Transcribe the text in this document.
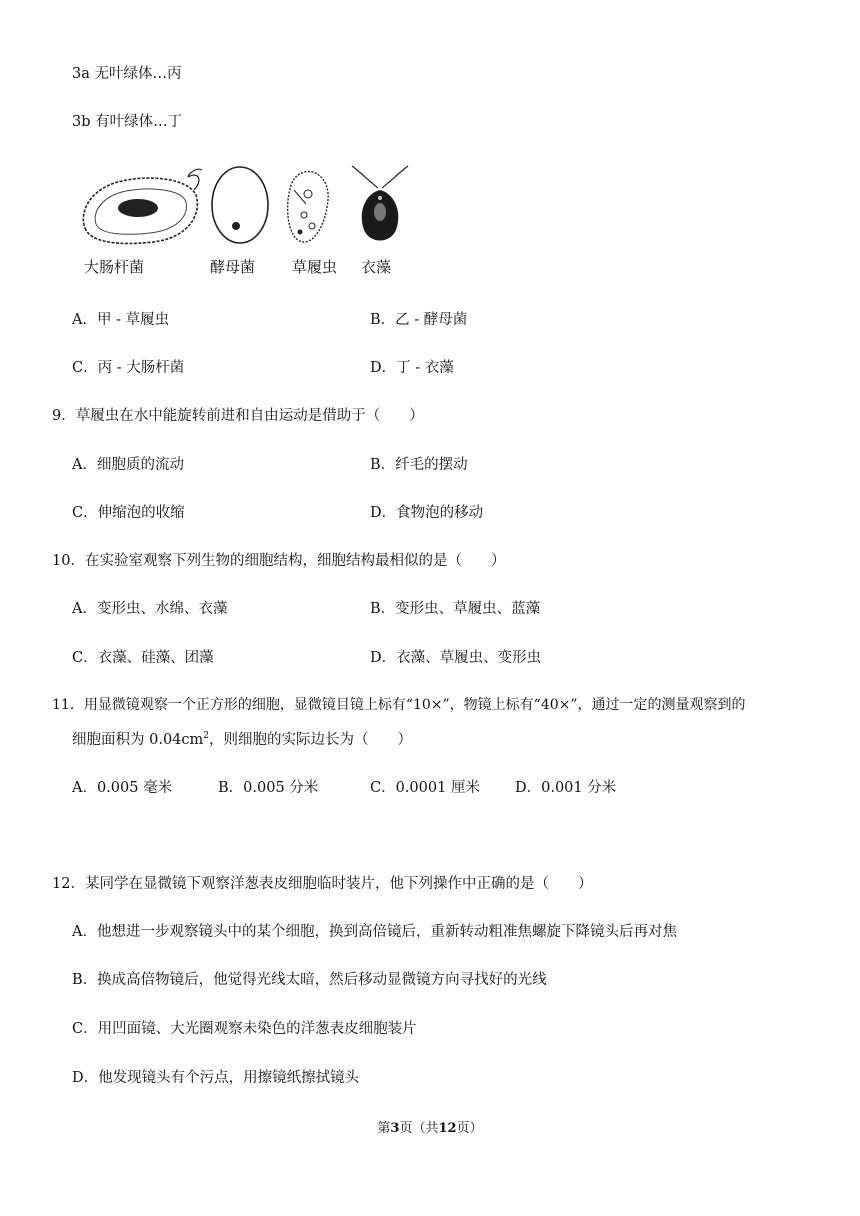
3a 无叶绿体…丙
3b 有叶绿体…丁
大肠杆菌	酵母菌 草履虫 衣藻
A．甲 - 草履虫	B．乙 - 酵母菌
C．丙 - 大肠杆菌	D．丁 - 衣藻
9．草履虫在水中能旋转前进和自由运动是借助于（　　）
A．细胞质的流动	B．纤毛的摆动
C．伸缩泡的收缩	D．食物泡的移动
10．在实验室观察下列生物的细胞结构，细胞结构最相似的是（　　）
A．变形虫、水绵、衣藻	B．变形虫、草履虫、蓝藻
C．衣藻、硅藻、团藻	D．衣藻、草履虫、变形虫
11．用显微镜观察一个正方形的细胞，显微镜目镜上标有“10×”，物镜上标有“40×”，通过一定的测量观察到的
细胞面积为 $0.04cm^2$，则细胞的实际边长为（　　）
A．0.005 毫米	B．0.005 分米	C．0.0001 厘米 D．0.001 分米
12．某同学在显微镜下观察洋葱表皮细胞临时装片，他下列操作中正确的是（　　）
A．他想进一步观察镜头中的某个细胞，换到高倍镜后，重新转动粗准焦螺旋下降镜头后再对焦
B．换成高倍物镜后，他觉得光线太暗，然后移动显微镜方向寻找好的光线
C．用凹面镜、大光圈观察未染色的洋葱表皮细胞装片
D．他发现镜头有个污点，用擦镜纸擦拭镜头
第3页（共12页）
